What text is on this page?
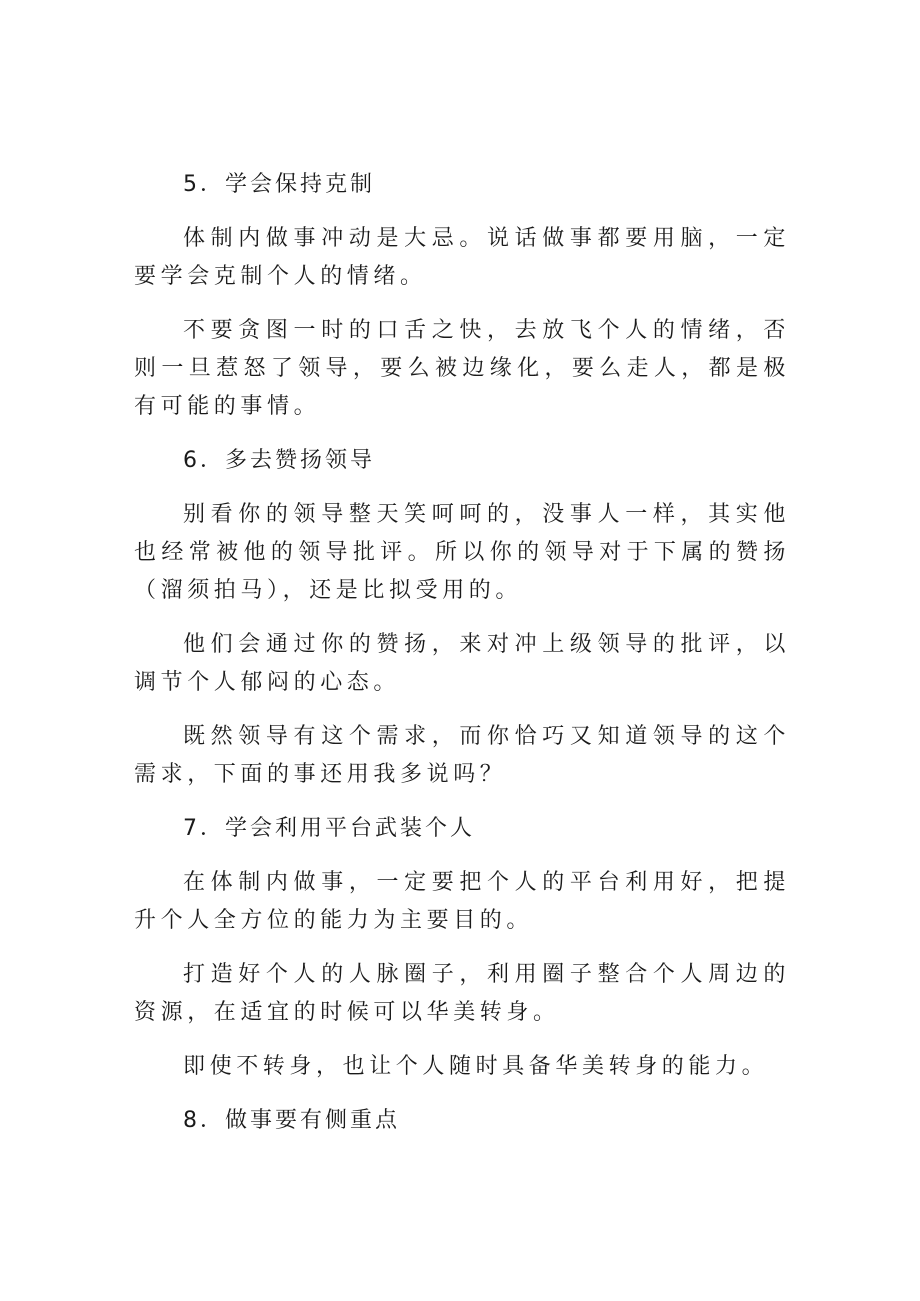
5．学会保持克制

体制内做事冲动是大忌。说话做事都要用脑，一定要学会克制个人的情绪。

不要贪图一时的口舌之快，去放飞个人的情绪，否则一旦惹怒了领导，要么被边缘化，要么走人，都是极有可能的事情。

6．多去赞扬领导

别看你的领导整天笑呵呵的，没事人一样，其实他也经常被他的领导批评。所以你的领导对于下属的赞扬（溜须拍马），还是比拟受用的。

他们会通过你的赞扬，来对冲上级领导的批评，以调节个人郁闷的心态。

既然领导有这个需求，而你恰巧又知道领导的这个需求，下面的事还用我多说吗？

7．学会利用平台武装个人

在体制内做事，一定要把个人的平台利用好，把提升个人全方位的能力为主要目的。

打造好个人的人脉圈子，利用圈子整合个人周边的资源，在适宜的时候可以华美转身。

即使不转身，也让个人随时具备华美转身的能力。

8．做事要有侧重点
